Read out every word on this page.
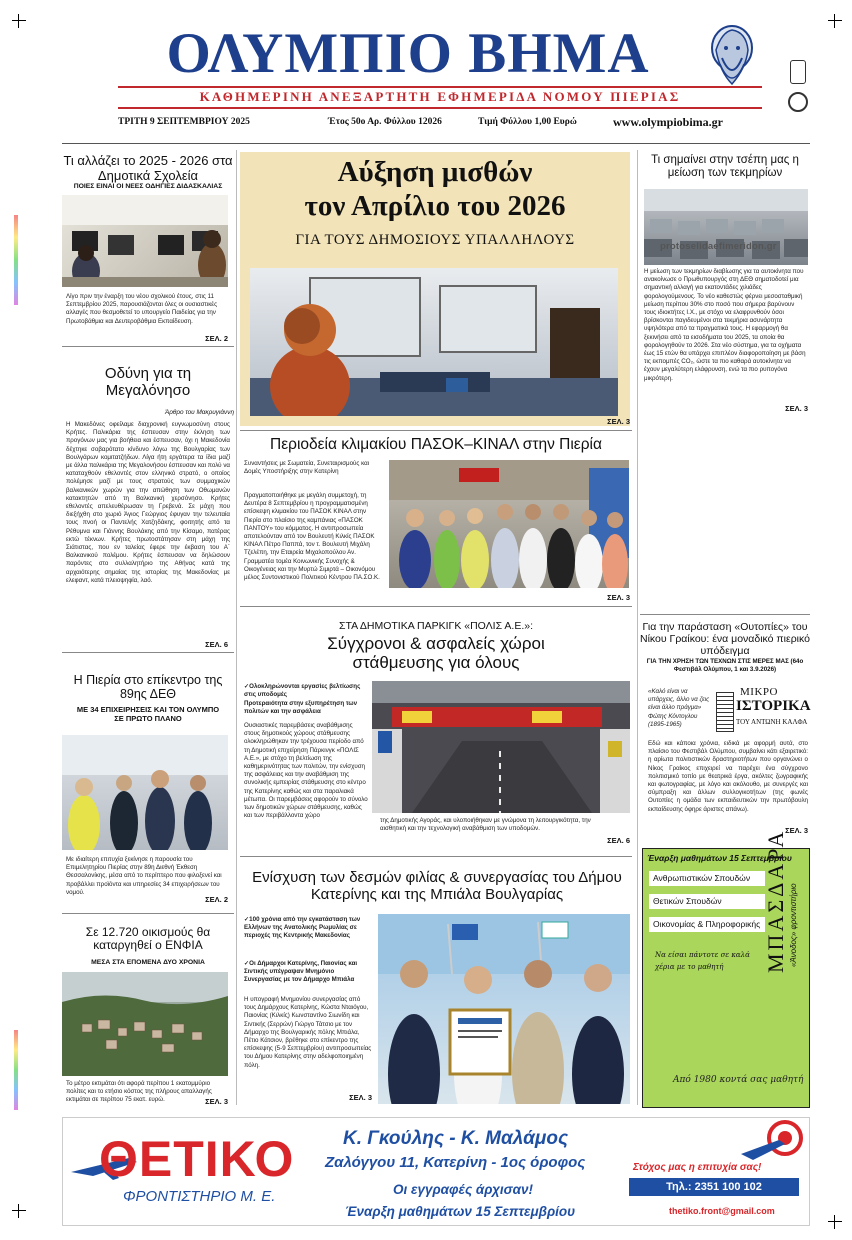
ΟΛΥΜΠΙΟ ΒΗΜΑ
ΚΑΘΗΜΕΡΙΝΗ ΑΝΕΞΑΡΤΗΤΗ ΕΦΗΜΕΡΙΔΑ ΝΟΜΟΥ ΠΙΕΡΙΑΣ
ΤΡΙΤΗ 9 ΣΕΠΤΕΜΒΡΙΟΥ 2025	Έτος 50ο Αρ. Φύλλου 12026	Τιμή Φύλλου 1,00 Ευρώ	www.olympiobima.gr
Τι αλλάζει το 2025 - 2026 στα Δημοτικά Σχολεία
ΠΟΙΕΣ ΕΙΝΑΙ ΟΙ ΝΕΕΣ ΟΔΗΓΙΕΣ ΔΙΔΑΣΚΑΛΙΑΣ
Λίγο πριν την έναρξη του νέου σχολικού έτους, στις 11 Σεπτεμβρίου 2025, παρουσιάζονται όλες οι ουσιαστικές αλλαγές που θεσμοθετεί το υπουργείο Παιδείας για την Πρωτοβάθμια και Δευτεροβάθμια Εκπαίδευση.
ΣΕΛ. 2
Οδύνη για τη Μεγαλόνησο
Άρθρο του Μακρυγιάννη
Η Μακεδόνες οφείλαμε διαχρονική ευγνωμοσύνη στους Κρήτες. Παλικάρια της έσπευσαν στην έκληση των προγόνων μας για βοήθεια και έσπευσαν, όχι η Μακεδονία δέχτηκε σοβαρότατο κίνδυνο λόγω της Βουλγαρίας των Βουλγάρων κομιτατζήδων. Λίγα ήτη εργάτερα τα ίδια μαζί με άλλα παλικάρια της Μεγαλονήσου έσπευσαν και πολύ να καταταχθούν εθελοντές στον ελληνικό στρατό, ο οποίος πολέμησε μαζί με τους στρατούς των συμμαχικών βαλκανικών χωρών για την απώθηση των Οθωμανών κατακτητών από τη Βαλκανική χερσόνησο. Κρήτες εθελοντές απελευθέρωσαν τη Γρεβενά. Σε μάχη που διεξήχθη στο χωριό Άγιος Γεώργιος έφυγαν την τελευταία τους πνοή οι Παντελής Χατζηδάκης, φοιτητής από τα Ρέθυμνα και Γιάννης Βουλάκης από την Κίσαμο, πατέρας εκτώ τέκνων. Κρήτες πρωτοστάτησαν στη μάχη της Σιάτιστας, που εν ταλείας έφερε την έκβαση του Α΄ Βαλκανικού πολέμου. Κρήτες έσπευσαν να δηλώσουν παρόντες στο συλλαλητήριο της Αθήνας κατά της αρχαιότερης σημαίας της ιστορίας της Μακεδονίας με ελεφαντ, κατά πλειοψηφία, λαό.
ΣΕΛ. 6
Η Πιερία στο επίκεντρο της 89ης ΔΕΘ
ΜΕ 34 ΕΠΙΧΕΙΡΗΣΕΙΣ ΚΑΙ ΤΟΝ ΟΛΥΜΠΟ ΣΕ ΠΡΩΤΟ ΠΛΑΝΟ
Με ιδιαίτερη επιτυχία ξεκίνησε η παρουσία του Επιμελητηρίου Πιερίας στην 89η Διεθνή Έκθεση Θεσσαλονίκης, μέσα από το περίπτερο που φιλοξενεί και προβάλλει προϊόντα και υπηρεσίες 34 επιχειρήσεων του νομού.
ΣΕΛ. 2
Σε 12.720 οικισμούς θα καταργηθεί ο ΕΝΦΙΑ
ΜΕΣΑ ΣΤΑ ΕΠΟΜΕΝΑ ΔΥΟ ΧΡΟΝΙΑ
Το μέτρο εκτιμάται ότι αφορά περίπου 1 εκατομμύριο πολίτες και το ετήσιο κόστος της πλήρους απαλλαγής εκτιμάται σε περίπου 75 εκατ. ευρώ.	ΣΕΛ. 3
Αύξηση μισθών
τον Απρίλιο του 2026
ΓΙΑ ΤΟΥΣ ΔΗΜΟΣΙΟΥΣ ΥΠΑΛΛΗΛΟΥΣ
ΣΕΛ. 3
Περιοδεία κλιμακίου ΠΑΣΟΚ–ΚΙΝΑΛ στην Πιερία
Συναντήσεις με Σωματεία, Συνεταιρισμούς και Δομές Υποστήριξης στην Κατερίνη
Πραγματοποιήθηκε με μεγάλη συμμετοχή, τη Δευτέρα 8 Σεπτεμβρίου η προγραμματισμένη επίσκεψη κλιμακίου του ΠΑΣΟΚ ΚΙΝΑΛ στην Πιερία στο πλαίσιο της καμπάνιας «ΠΑΣΟΚ ΠΑΝΤΟΥ» του κόμματος. Η αντιπροσωπεία αποτελούνταν από τον Βουλευτή Κιλκίς ΠΑΣΟΚ ΚΙΝΑΛ Πέτρο Παππά, τον τ. Βουλευτή Μιχάλη Τζελέπη, την Εταιρεία Μιχαλοπούλου Αν. Γραμματέα τομέα Κοινωνικής Συνοχής & Οικογένειας και την Μυρτώ Σιμιρτά – Οικονόμου μέλος Συντονιστικού Πολιτικού Κέντρου ΠΑ.ΣΟ.Κ.
ΣΕΛ. 3
ΣΤΑ ΔΗΜΟΤΙΚΑ ΠΑΡΚΙΓΚ «ΠΟΛΙΣ Α.Ε.»:
Σύγχρονοι & ασφαλείς χώροι στάθμευσης για όλους
✓Ολοκληρώνονται εργασίες βελτίωσης στις υποδομές
Προτεραιότητα στην εξυπηρέτηση των πολιτών και την ασφάλεια
Ουσιαστικές παρεμβάσεις αναβάθμισης στους δημοτικούς χώρους στάθμευσης ολοκληρώθηκαν την τρέχουσα περίοδο από τη Δημοτική επιχείρηση Πάρκινγκ «ΠΟΛΙΣ Α.Ε.», με στόχο τη βελτίωση της καθημερινότητας των πολιτών, την ενίσχυση της ασφάλειας και την αναβάθμιση της συνολικής εμπειρίας στάθμευσης στο κέντρο της Κατερίνης καθώς και στα παραλιακά μέτωπα. Οι παρεμβάσεις αφορούν το σύνολο των δημοτικών χώρων στάθμευσης, καθώς και των περιβάλλοντα χώρο
της Δημοτικής Αγοράς, και υλοποιήθηκαν με γνώμονα τη λειτουργικότητα, την αισθητική και την τεχνολογική αναβάθμιση των υποδομών.
ΣΕΛ. 6
Ενίσχυση των δεσμών φιλίας & συνεργασίας του Δήμου Κατερίνης και της Μπιάλα Βουλγαρίας
✓100 χρόνια από την εγκατάσταση των Ελλήνων της Ανατολικής Ρωμυλίας σε περιοχές της Κεντρικής Μακεδονίας
✓Οι Δήμαρχοι Κατερίνης, Παιονίας και Σιντικής υπέγραψαν Μνημόνιο Συνεργασίας με τον Δήμαρχο Μπιάλα
Η υπογραφή Μνημονίου συνεργασίας από τους Δημάρχους Κατερίνης, Κώστα Νταιόγου, Παιονίας (Κιλκίς) Κωνσταντίνο Σιωνίδη και Σιντικής (Σερρών) Γιώργο Τάτσιο με τον Δήμαρχο της Βουλγαρικής πόλης Μπιάλα, Πέτιο Κάτσιον, βρέθηκε στο επίκεντρο της επίσκεψης (5-9 Σεπτεμβρίου) αντιπροσωπείας του Δήμου Κατερίνης στην αδελφοποιημένη πόλη.
ΣΕΛ. 3
Τι σημαίνει στην τσέπη μας η μείωση των τεκμηρίων
protoselidaefimeridon.gr
Η μείωση των τεκμηρίων διαβίωσης για τα αυτοκίνητα που ανακοίνωσε ο Πρωθυπουργός στη ΔΕΘ σηματοδοτεί μια σημαντική αλλαγή για εκατοντάδες χιλιάδες φορολογούμενους. Το νέο καθεστώς φέρνει μεσοσταθμική μείωση περίπου 30% στο ποσό που σήμερα βαρύνουν τους ιδιοκτήτες Ι.Χ., με στόχο να ελαφρυνθούν όσοι βρίσκονται παγιδευμένοι στα τεκμήρια ασυνάρτητα υψηλότερα από τα πραγματικά τους. Η εφαρμογή θα ξεκινήσει από τα εισοδήματα του 2025, τα οποία θα φορολογηθούν το 2026. Στα νέο σύστημα, για τα οχήματα έως 15 ετών θα υπάρχει επιπλέον διαφοροποίηση με βάση τις εκπομπές CO₂, ώστε τα πιο καθαρά αυτοκίνητα να έχουν μεγαλύτερη ελάφρυνση, ενώ τα πιο ρυπογόνα μικρότερη.
ΣΕΛ. 3
Για την παράσταση «Ουτοπίες» του Νίκου Γραίκου: ένα μοναδικό πιερικό υπόδειγμα
ΓΙΑ ΤΗΝ ΧΡΗΣΗ ΤΩΝ ΤΕΧΝΩΝ ΣΤΙΣ ΜΕΡΕΣ ΜΑΣ (64ο Φεστιβάλ Ολύμπου, 1 και 3.9.2026)
«Καλό είναι να υπάρχεις, άλλο να ζεις είναι άλλο πράγμα» Φώτης Κόντογλου (1895-1965)
ΜΙΚΡΟ
ΙΣΤΟΡΙΚΑ
ΤΟΥ ΑΝΤΩΝΗ ΚΑΛΦΑ
Εδώ και κάποια χρόνια, ειδικά με αφορμή αυτά, στο πλαίσιο του Φεστιβάλ Ολύμπου, συμβαίνει κάτι εξαιρετικό: η αρίωτα πολιτιστικών δραστηριοτήτων που οργανώνει ο Νίκος Γραίκος επιχειρεί να παρέχει ένα σύγχρονο πολιτισμικό τοπίο με θεατρικά έργα, ακόλτες ζωγραφικής και φωτογραφίας, με λόγο και ακόλουθο, με συνεργές και σύμπραξη και άλλων συλλογικοτήτων (της φωνές Ουτοπίες η ομάδα των εκπαιδευτικών την πρωτόβουλη εκπαίδευσης όφηρε άριστες απάνω).
ΣΕΛ. 3
Έναρξη μαθημάτων 15 Σεπτεμβρίου
Ανθρωπιστικών Σπουδών
Θετικών Σπουδών
Οικονομίας & Πληροφορικής
Να είσαι πάντοτε σε καλά χέρια με το μαθητή	ΜΠΑΣΔΑΡΑ «Άνοδος» φροντιστήριο
Από 1980 κοντά σας μαθητή
ΘΕΤΙΚΟ
ΦΡΟΝΤΙΣΤΗΡΙΟ Μ. Ε.
Κ. Γκούλης - Κ. Μαλάμος
Ζαλόγγου 11, Κατερίνη - 1ος όροφος
Οι εγγραφές άρχισαν!
Έναρξη μαθημάτων 15 Σεπτεμβρίου
Στόχος μας η επιτυχία σας!
Τηλ.: 2351 100 102
thetiko.front@gmail.com
